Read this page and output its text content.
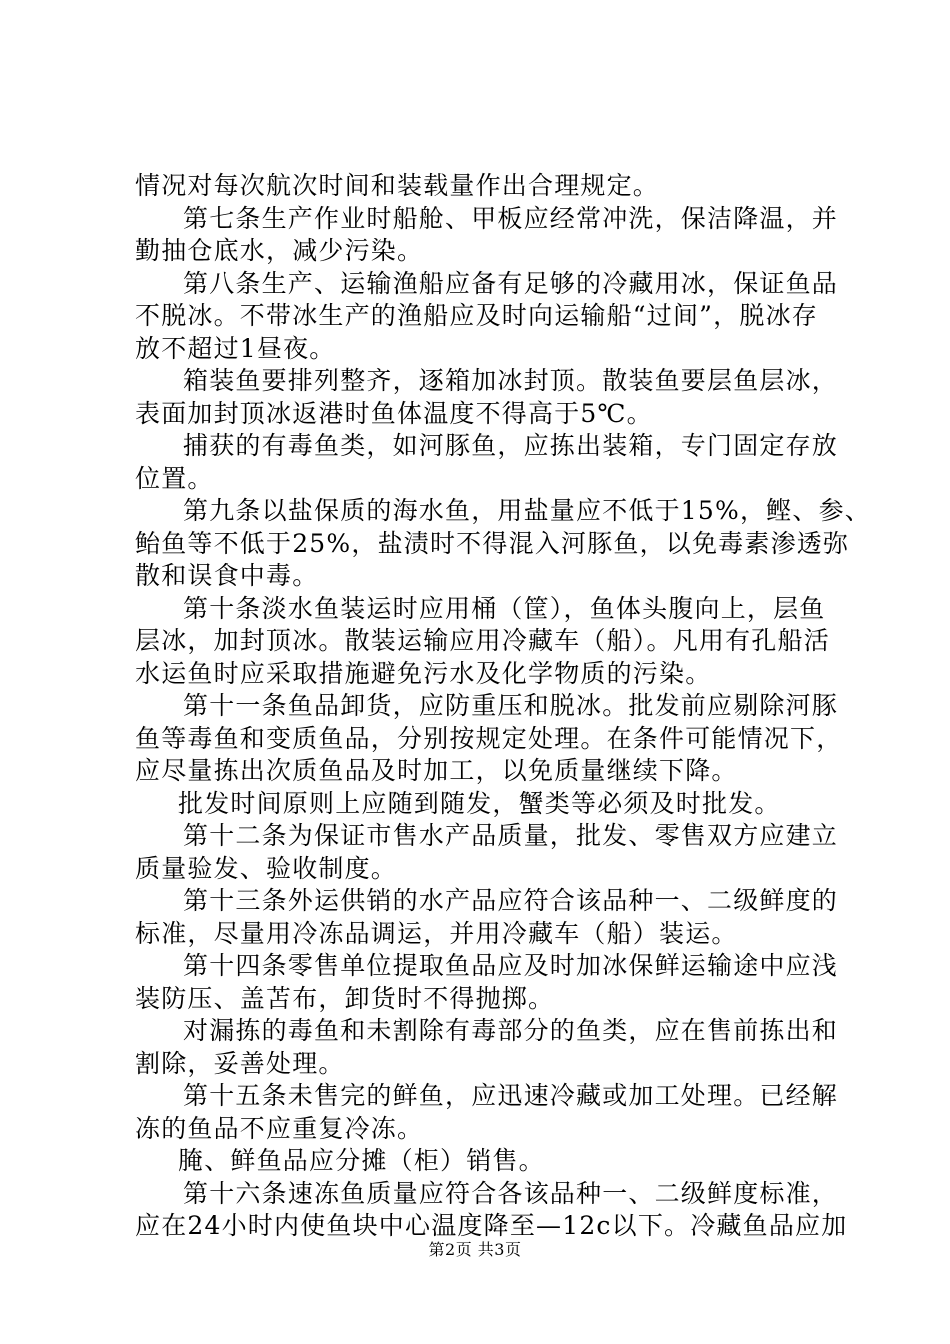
情况对每次航次时间和装载量作出合理规定。
第七条生产作业时船舱、甲板应经常冲洗，保洁降温，并
勤抽仓底水，减少污染。
第八条生产、运输渔船应备有足够的冷藏用冰，保证鱼品
不脱冰。不带冰生产的渔船应及时向运输船“过间”，脱冰存
放不超过1昼夜。
箱装鱼要排列整齐，逐箱加冰封顶。散装鱼要层鱼层冰，
表面加封顶冰返港时鱼体温度不得高于5℃。
捕获的有毒鱼类，如河豚鱼，应拣出装箱，专门固定存放
位置。
第九条以盐保质的海水鱼，用盐量应不低于15%，鲣、参、
鲐鱼等不低于25%，盐渍时不得混入河豚鱼，以免毒素渗透弥
散和误食中毒。
第十条淡水鱼装运时应用桶（筐），鱼体头腹向上，层鱼
层冰，加封顶冰。散装运输应用冷藏车（船）。凡用有孔船活
水运鱼时应采取措施避免污水及化学物质的污染。
第十一条鱼品卸货，应防重压和脱冰。批发前应剔除河豚
鱼等毒鱼和变质鱼品，分别按规定处理。在条件可能情况下，
应尽量拣出次质鱼品及时加工，以免质量继续下降。
批发时间原则上应随到随发，蟹类等必须及时批发。
第十二条为保证市售水产品质量，批发、零售双方应建立
质量验发、验收制度。
第十三条外运供销的水产品应符合该品种一、二级鲜度的
标准，尽量用冷冻品调运，并用冷藏车（船）装运。
第十四条零售单位提取鱼品应及时加冰保鲜运输途中应浅
装防压、盖苫布，卸货时不得抛掷。
对漏拣的毒鱼和未割除有毒部分的鱼类，应在售前拣出和
割除，妥善处理。
第十五条未售完的鲜鱼，应迅速冷藏或加工处理。已经解
冻的鱼品不应重复冷冻。
腌、鲜鱼品应分摊（柜）销售。
第十六条速冻鱼质量应符合各该品种一、二级鲜度标准，
应在24小时内使鱼块中心温度降至—12c以下。冷藏鱼品应加
第2页 共3页
